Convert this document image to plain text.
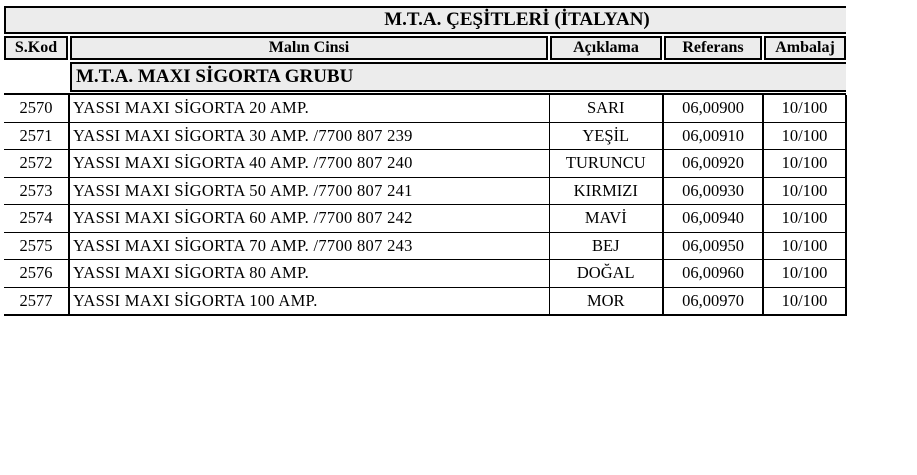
M.T.A. ÇEŞİTLERİ (İTALYAN)
S.Kod	Malın Cinsi	Açıklama	Referans	Ambalaj
M.T.A. MAXI SİGORTA GRUBU
2570	YASSI MAXI SİGORTA 20 AMP.	SARI	06,00900	10/100
2571	YASSI MAXI SİGORTA 30 AMP. /7700 807 239	YEŞİL	06,00910	10/100
2572	YASSI MAXI SİGORTA 40 AMP. /7700 807 240	TURUNCU	06,00920	10/100
2573	YASSI MAXI SİGORTA 50 AMP. /7700 807 241	KIRMIZI	06,00930	10/100
2574	YASSI MAXI SİGORTA 60 AMP. /7700 807 242	MAVİ	06,00940	10/100
2575	YASSI MAXI SİGORTA 70 AMP. /7700 807 243	BEJ	06,00950	10/100
2576	YASSI MAXI SİGORTA 80 AMP.	DOĞAL	06,00960	10/100
2577	YASSI MAXI SİGORTA 100 AMP.	MOR	06,00970	10/100
